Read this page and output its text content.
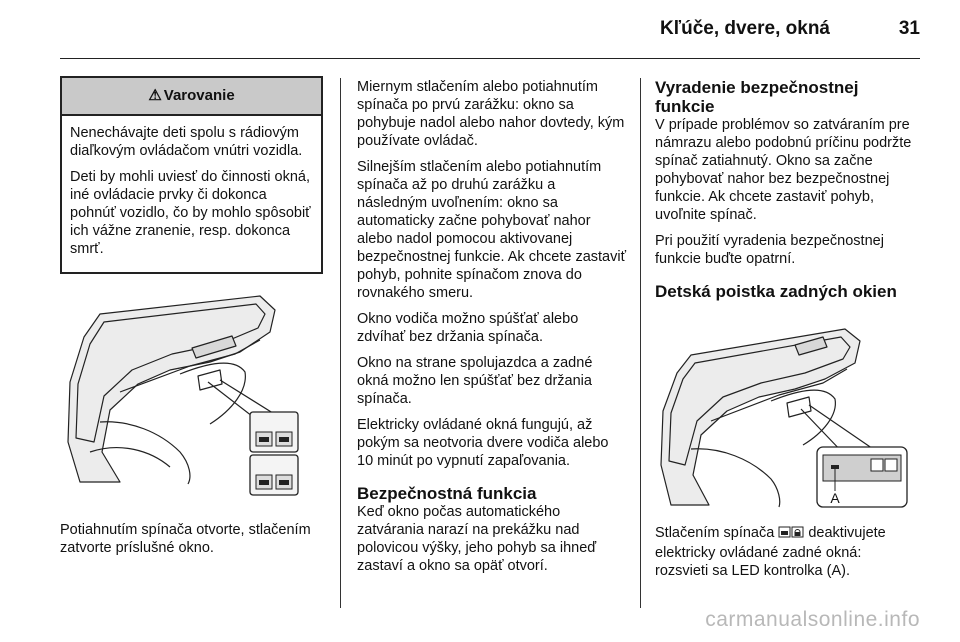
Kľúče, dvere, okná	31
⚠ Varovanie

Nenechávajte deti spolu s rádiovým diaľkovým ovládačom vnútri vozidla.

Deti by mohli uviesť do činnosti okná, iné ovládacie prvky či dokonca pohnúť vozidlo, čo by mohlo spôsobiť ich vážne zranenie, resp. dokonca smrť.

Potiahnutím spínača otvorte, stlačením zatvorte príslušné okno.

Miernym stlačením alebo potiahnutím spínača po prvú zarážku: okno sa pohybuje nadol alebo nahor dovtedy, kým používate ovládač.

Silnejším stlačením alebo potiahnutím spínača až po druhú zarážku a následným uvoľnením: okno sa automaticky začne pohybovať nahor alebo nadol pomocou aktivovanej bezpečnostnej funkcie. Ak chcete zastaviť pohyb, pohnite spínačom znova do rovnakého smeru.

Okno vodiča možno spúšťať alebo zdvíhať bez držania spínača.

Okno na strane spolujazdca a zadné okná možno len spúšťať bez držania spínača.

Elektricky ovládané okná fungujú, až pokým sa neotvoria dvere vodiča alebo 10 minút po vypnutí zapaľovania.

Bezpečnostná funkcia

Keď okno počas automatického zatvárania narazí na prekážku nad polovicou výšky, jeho pohyb sa ihneď zastaví a okno sa opäť otvorí.

Vyradenie bezpečnostnej funkcie

V prípade problémov so zatváraním pre námrazu alebo podobnú príčinu podržte spínač zatiahnutý. Okno sa začne pohybovať nahor bez bezpečnostnej funkcie. Ak chcete zastaviť pohyb, uvoľnite spínač.

Pri použití vyradenia bezpečnostnej funkcie buďte opatrní.

Detská poistka zadných okien
A

Stlačením spínača deaktivujete elektricky ovládané zadné okná: rozsvieti sa LED kontrolka (A).

carmanualsonline.info
